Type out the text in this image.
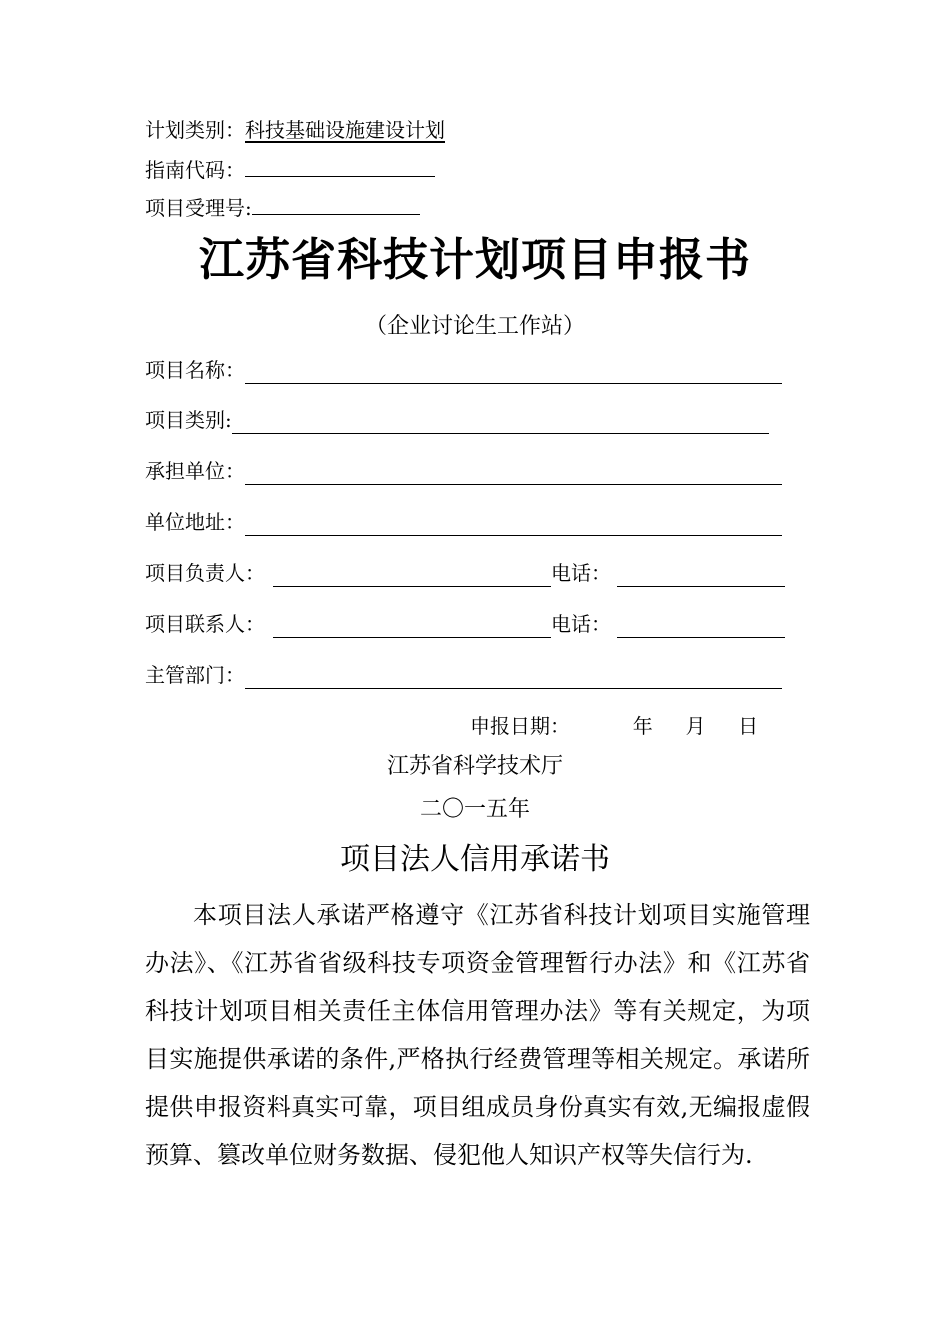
计划类别：科技基础设施建设计划
指南代码：
项目受理号:
江苏省科技计划项目申报书
（企业讨论生工作站）
项目名称：
项目类别:
承担单位：
单位地址：
项目负责人：	电话：
项目联系人：	电话：
主管部门：
申报日期：	年 月 日
江苏省科学技术厅
二〇一五年
项目法人信用承诺书

本项目法人承诺严格遵守《江苏省科技计划项目实施管理办法》、《江苏省省级科技专项资金管理暂行办法》和《江苏省科技计划项目相关责任主体信用管理办法》等有关规定，为项目实施提供承诺的条件,严格执行经费管理等相关规定。承诺所提供申报资料真实可靠，项目组成员身份真实有效,无编报虚假预算、篡改单位财务数据、侵犯他人知识产权等失信行为.
